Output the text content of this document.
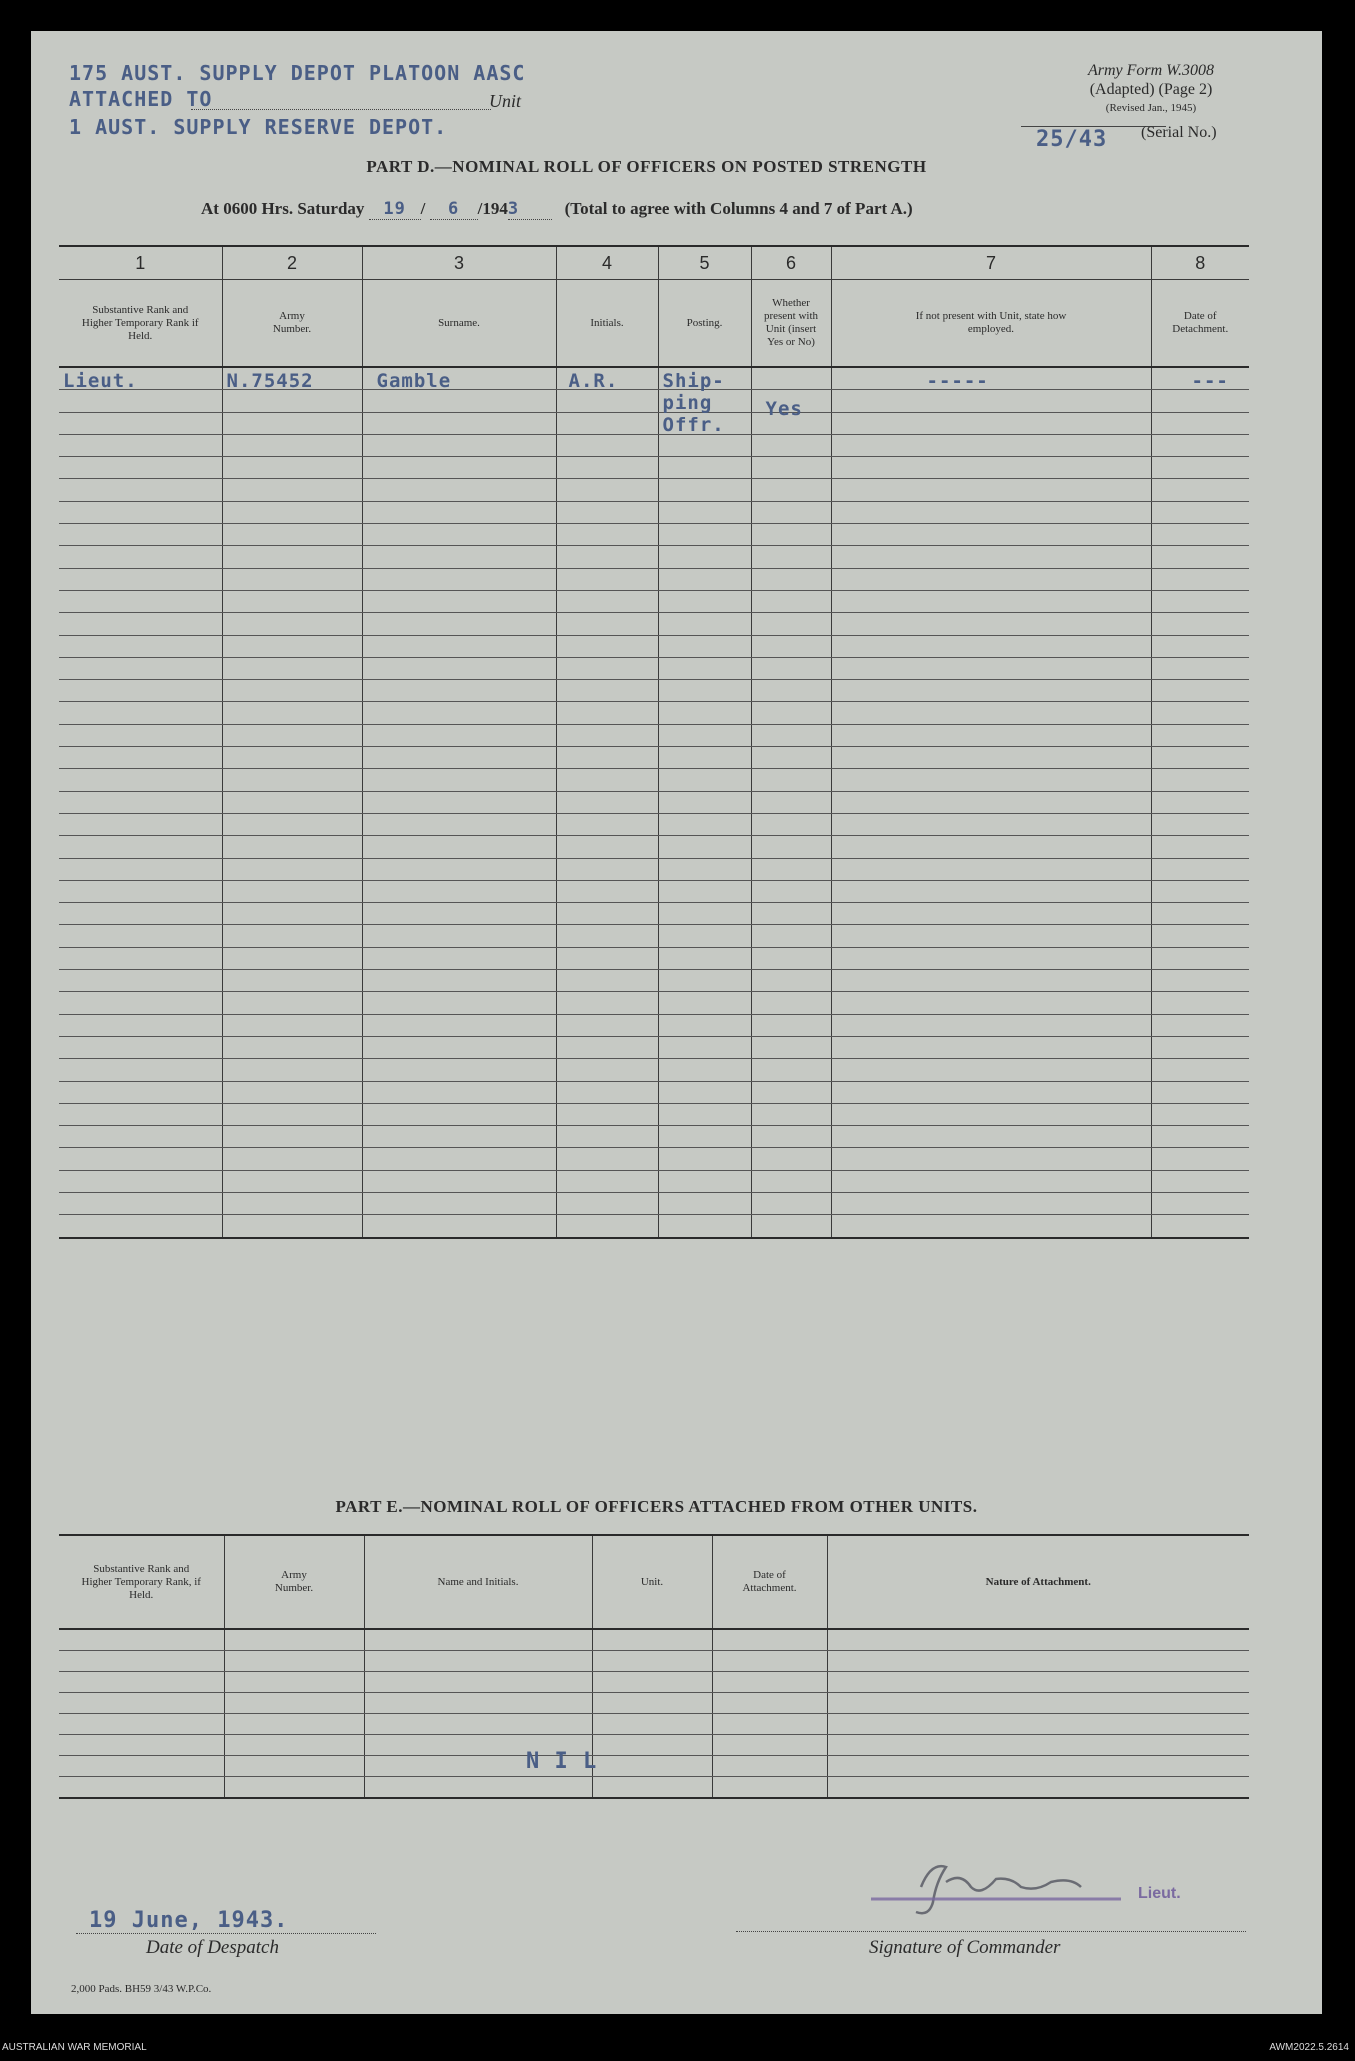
175 AUST. SUPPLY DEPOT PLATOON AASC
ATTACHED TO	Unit
1 AUST. SUPPLY RESERVE DEPOT.
Army Form W.3008
(Adapted) (Page 2)
(Revised Jan., 1945)
25/43 (Serial No.)
PART D.—NOMINAL ROLL OF OFFICERS ON POSTED STRENGTH
At 0600 Hrs. Saturday 19 / 6 /1943	(Total to agree with Columns 4 and 7 of Part A.)
1	2	3	4	5	6	7	8
Substantive Rank and Higher Temporary Rank if Held.	Army Number.	Surname.	Initials.	Posting.	Whether present with Unit (insert Yes or No)	If not present with Unit, state how employed.	Date of Detachment.

Lieut.	N.75452	Gamble	A.R.	Ship- ping Offr.	Yes	-----	---

PART E.—NOMINAL ROLL OF OFFICERS ATTACHED FROM OTHER UNITS.
Substantive Rank and Higher Temporary Rank, if Held.	Army Number.	Name and Initials.	Unit.	Date of Attachment.	Nature of Attachment.

N I L
19 June, 1943.
Date of Despatch
Lieut.
Signature of Commander
2,000 Pads. BH59 3/43 W.P.Co.
AUSTRALIAN WAR MEMORIAL	AWM2022.5.2614
